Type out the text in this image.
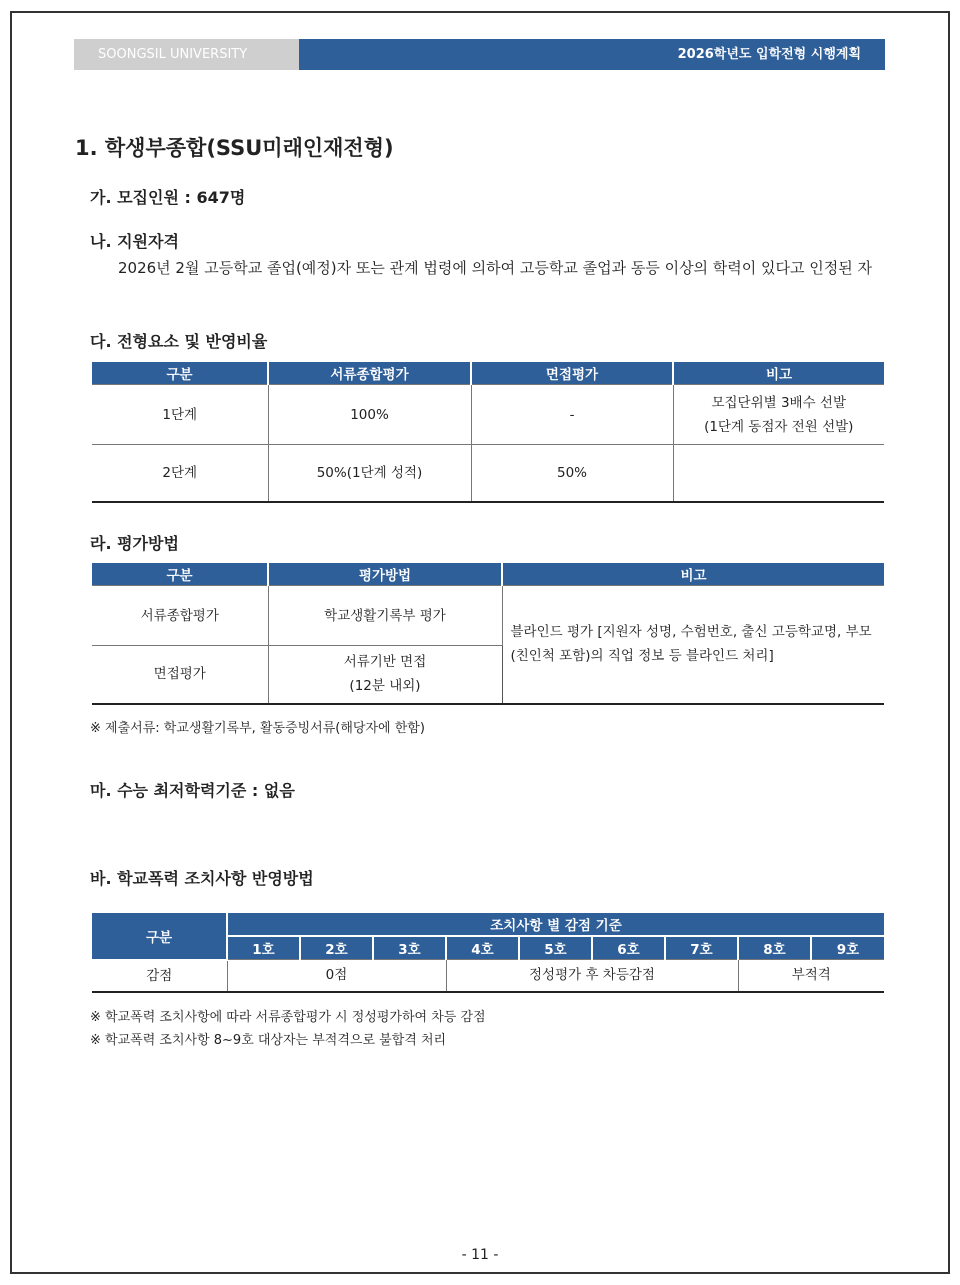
SOONGSIL UNIVERSITY	2026학년도 입학전형 시행계획
1. 학생부종합(SSU미래인재전형)
가. 모집인원 : 647명
나. 지원자격
2026년 2월 고등학교 졸업(예정)자 또는 관계 법령에 의하여 고등학교 졸업과 동등 이상의 학력이 있다고 인정된 자
다. 전형요소 및 반영비율
구분	서류종합평가	면접평가	비고
1단계	100%	-	모집단위별 3배수 선발
(1단계 동점자 전원 선발)

2단계	50%(1단계 성적)	50%	
라. 평가방법
구분	평가방법	비고
서류종합평가	학교생활기록부 평가	블라인드 평가 [지원자 성명, 수험번호, 출신 고등학교명, 부모(친인척 포함)의 직업 정보 등 블라인드 처리]
면접평가	서류기반 면접
(12분 내외)	
※ 제출서류: 학교생활기록부, 활동증빙서류(해당자에 한함)
마. 수능 최저학력기준 : 없음
바. 학교폭력 조치사항 반영방법
구분	조치사항 별 감점 기준								
	1호	2호	3호	4호	5호	6호	7호	8호	9호
감점	0점			정성평가 후 차등감점				부적격	
※ 학교폭력 조치사항에 따라 서류종합평가 시 정성평가하여 차등 감점
※ 학교폭력 조치사항 8~9호 대상자는 부적격으로 불합격 처리
- 11 -
